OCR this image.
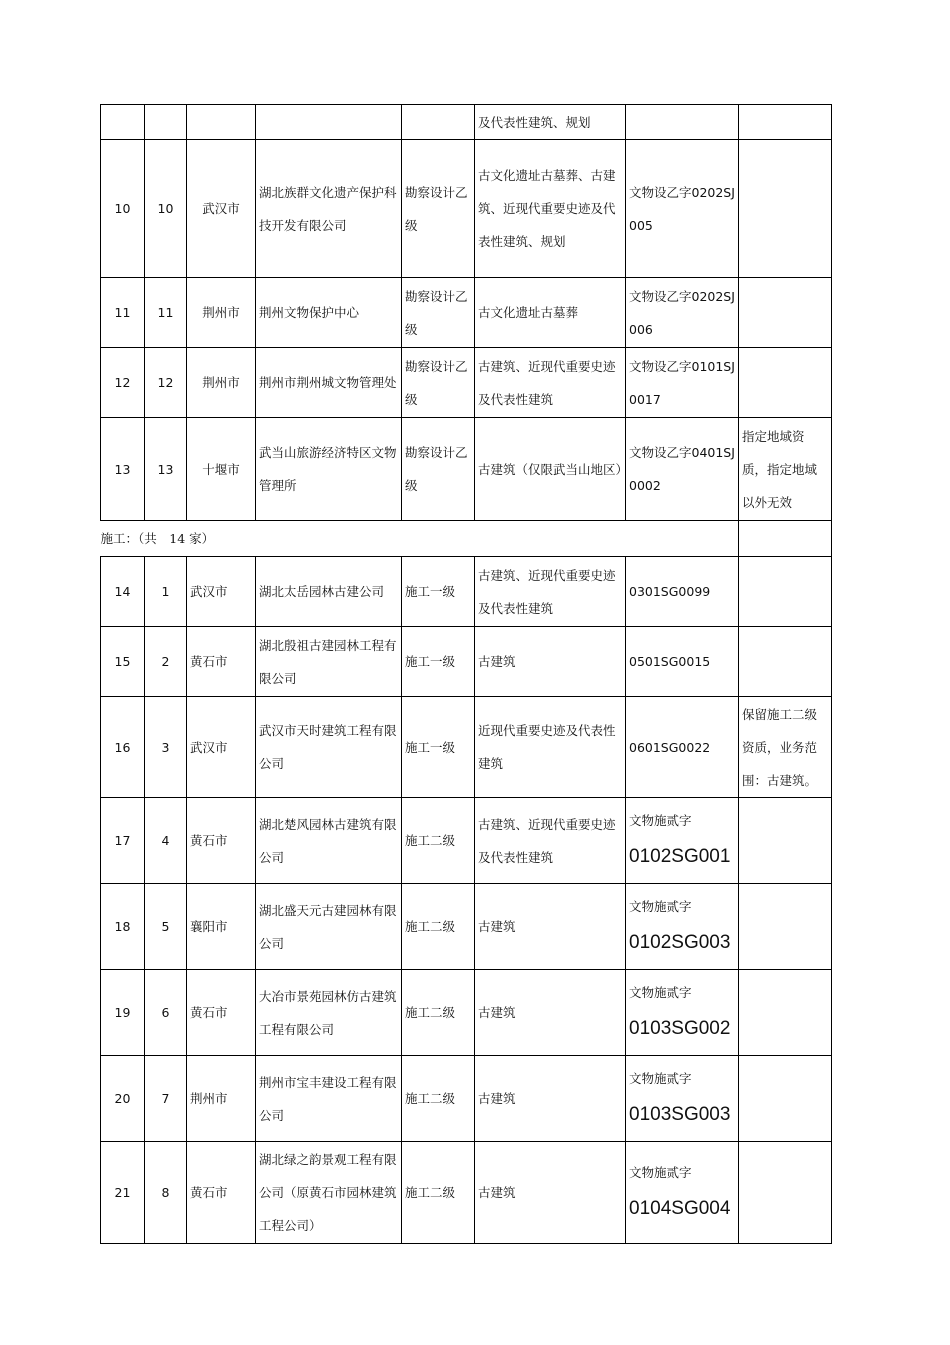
					及代表性建筑、规划		
10	10	武汉市	湖北族群文化遗产保护科技开发有限公司	勘察设计乙级	古文化遗址古墓葬、古建筑、近现代重要史迹及代表性建筑、规划	文物设乙字0202SJ005	
11	11	荆州市	荆州文物保护中心	勘察设计乙级	古文化遗址古墓葬	文物设乙字0202SJ006	
12	12	荆州市	荆州市荆州城文物管理处	勘察设计乙级	古建筑、近现代重要史迹及代表性建筑	文物设乙字0101SJ0017	
13	13	十堰市	武当山旅游经济特区文物管理所	勘察设计乙级	古建筑（仅限武当山地区）	文物设乙字0401SJ0002	指定地域资质，指定地域以外无效
施工：（共　14 家）							
14	1	武汉市	湖北太岳园林古建公司	施工一级	古建筑、近现代重要史迹及代表性建筑	0301SG0099	
15	2	黄石市	湖北殷祖古建园林工程有限公司	施工一级	古建筑	0501SG0015	
16	3	武汉市	武汉市天时建筑工程有限公司	施工一级	近现代重要史迹及代表性建筑	0601SG0022	保留施工二级资质，业务范围：古建筑。
17	4	黄石市	湖北楚风园林古建筑有限公司	施工二级	古建筑、近现代重要史迹及代表性建筑	文物施贰字
0102SG001	

18	5	襄阳市	湖北盛天元古建园林有限公司	施工二级	古建筑	文物施贰字
0102SG003	

19	6	黄石市	大冶市景苑园林仿古建筑工程有限公司	施工二级	古建筑	文物施贰字
0103SG002	

20	7	荆州市	荆州市宝丰建设工程有限公司	施工二级	古建筑	文物施贰字
0103SG003	

21	8	黄石市	湖北绿之韵景观工程有限公司（原黄石市园林建筑工程公司）	施工二级	古建筑	文物施贰字
0104SG004	
